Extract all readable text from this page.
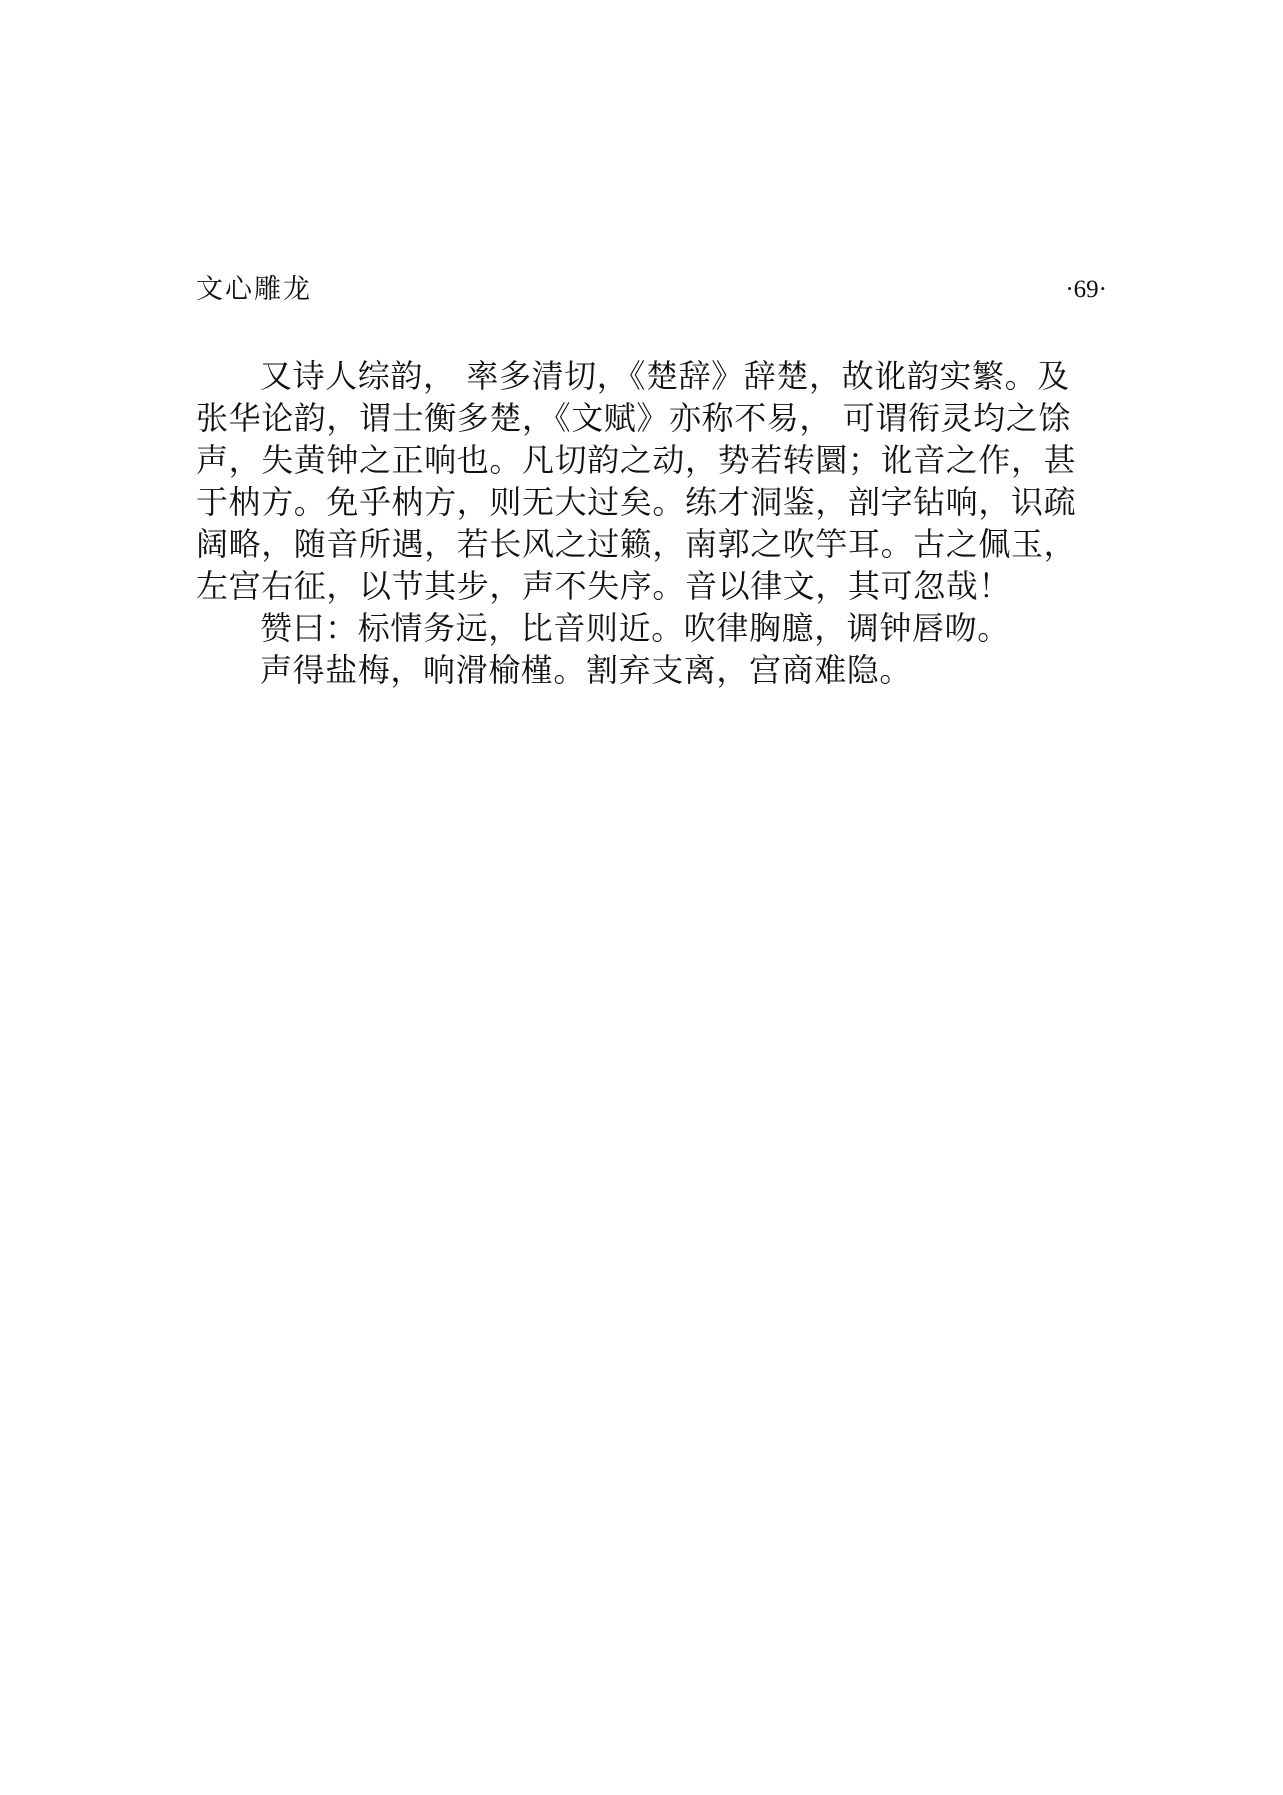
文心雕龙	·69·
又诗人综韵， 率多清切，《楚辞》辞楚，故讹韵实繁。及
张华论韵，谓士衡多楚，《文赋》亦称不易， 可谓衔灵均之馀
声，失黄钟之正响也。凡切韵之动，势若转圜；讹音之作，甚
于枘方。免乎枘方，则无大过矣。练才洞鉴，剖字钻响，识疏
阔略，随音所遇，若长风之过籁，南郭之吹竽耳。古之佩玉，
左宫右征，以节其步，声不失序。音以律文，其可忽哉！
赞曰：标情务远，比音则近。吹律胸臆，调钟唇吻。
声得盐梅，响滑榆槿。割弃支离，宫商难隐。
